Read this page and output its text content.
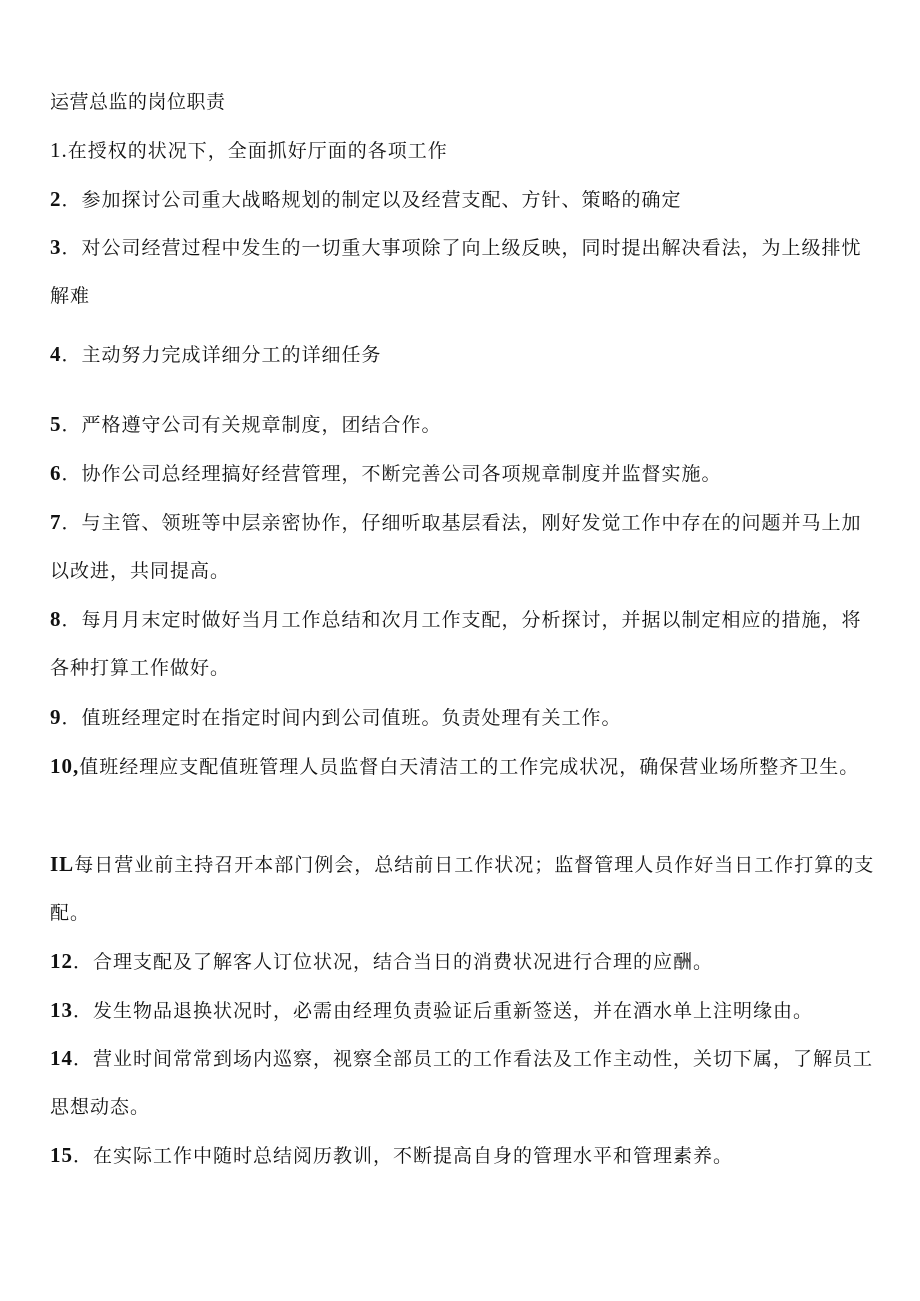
运营总监的岗位职责
1.在授权的状况下，全面抓好厅面的各项工作
2．参加探讨公司重大战略规划的制定以及经营支配、方针、策略的确定
3．对公司经营过程中发生的一切重大事项除了向上级反映，同时提出解决看法，为上级排忧解难
4．主动努力完成详细分工的详细任务
5．严格遵守公司有关规章制度，团结合作。
6．协作公司总经理搞好经营管理，不断完善公司各项规章制度并监督实施。
7．与主管、领班等中层亲密协作，仔细听取基层看法，刚好发觉工作中存在的问题并马上加以改进，共同提高。
8．每月月末定时做好当月工作总结和次月工作支配，分析探讨，并据以制定相应的措施，将各种打算工作做好。
9．值班经理定时在指定时间内到公司值班。负责处理有关工作。
10,值班经理应支配值班管理人员监督白天清洁工的工作完成状况，确保营业场所整齐卫生。
IL每日营业前主持召开本部门例会，总结前日工作状况；监督管理人员作好当日工作打算的支配。
12．合理支配及了解客人订位状况，结合当日的消费状况进行合理的应酬。
13．发生物品退换状况时，必需由经理负责验证后重新签送，并在酒水单上注明缘由。
14．营业时间常常到场内巡察，视察全部员工的工作看法及工作主动性，关切下属，了解员工思想动态。
15．在实际工作中随时总结阅历教训，不断提高自身的管理水平和管理素养。
